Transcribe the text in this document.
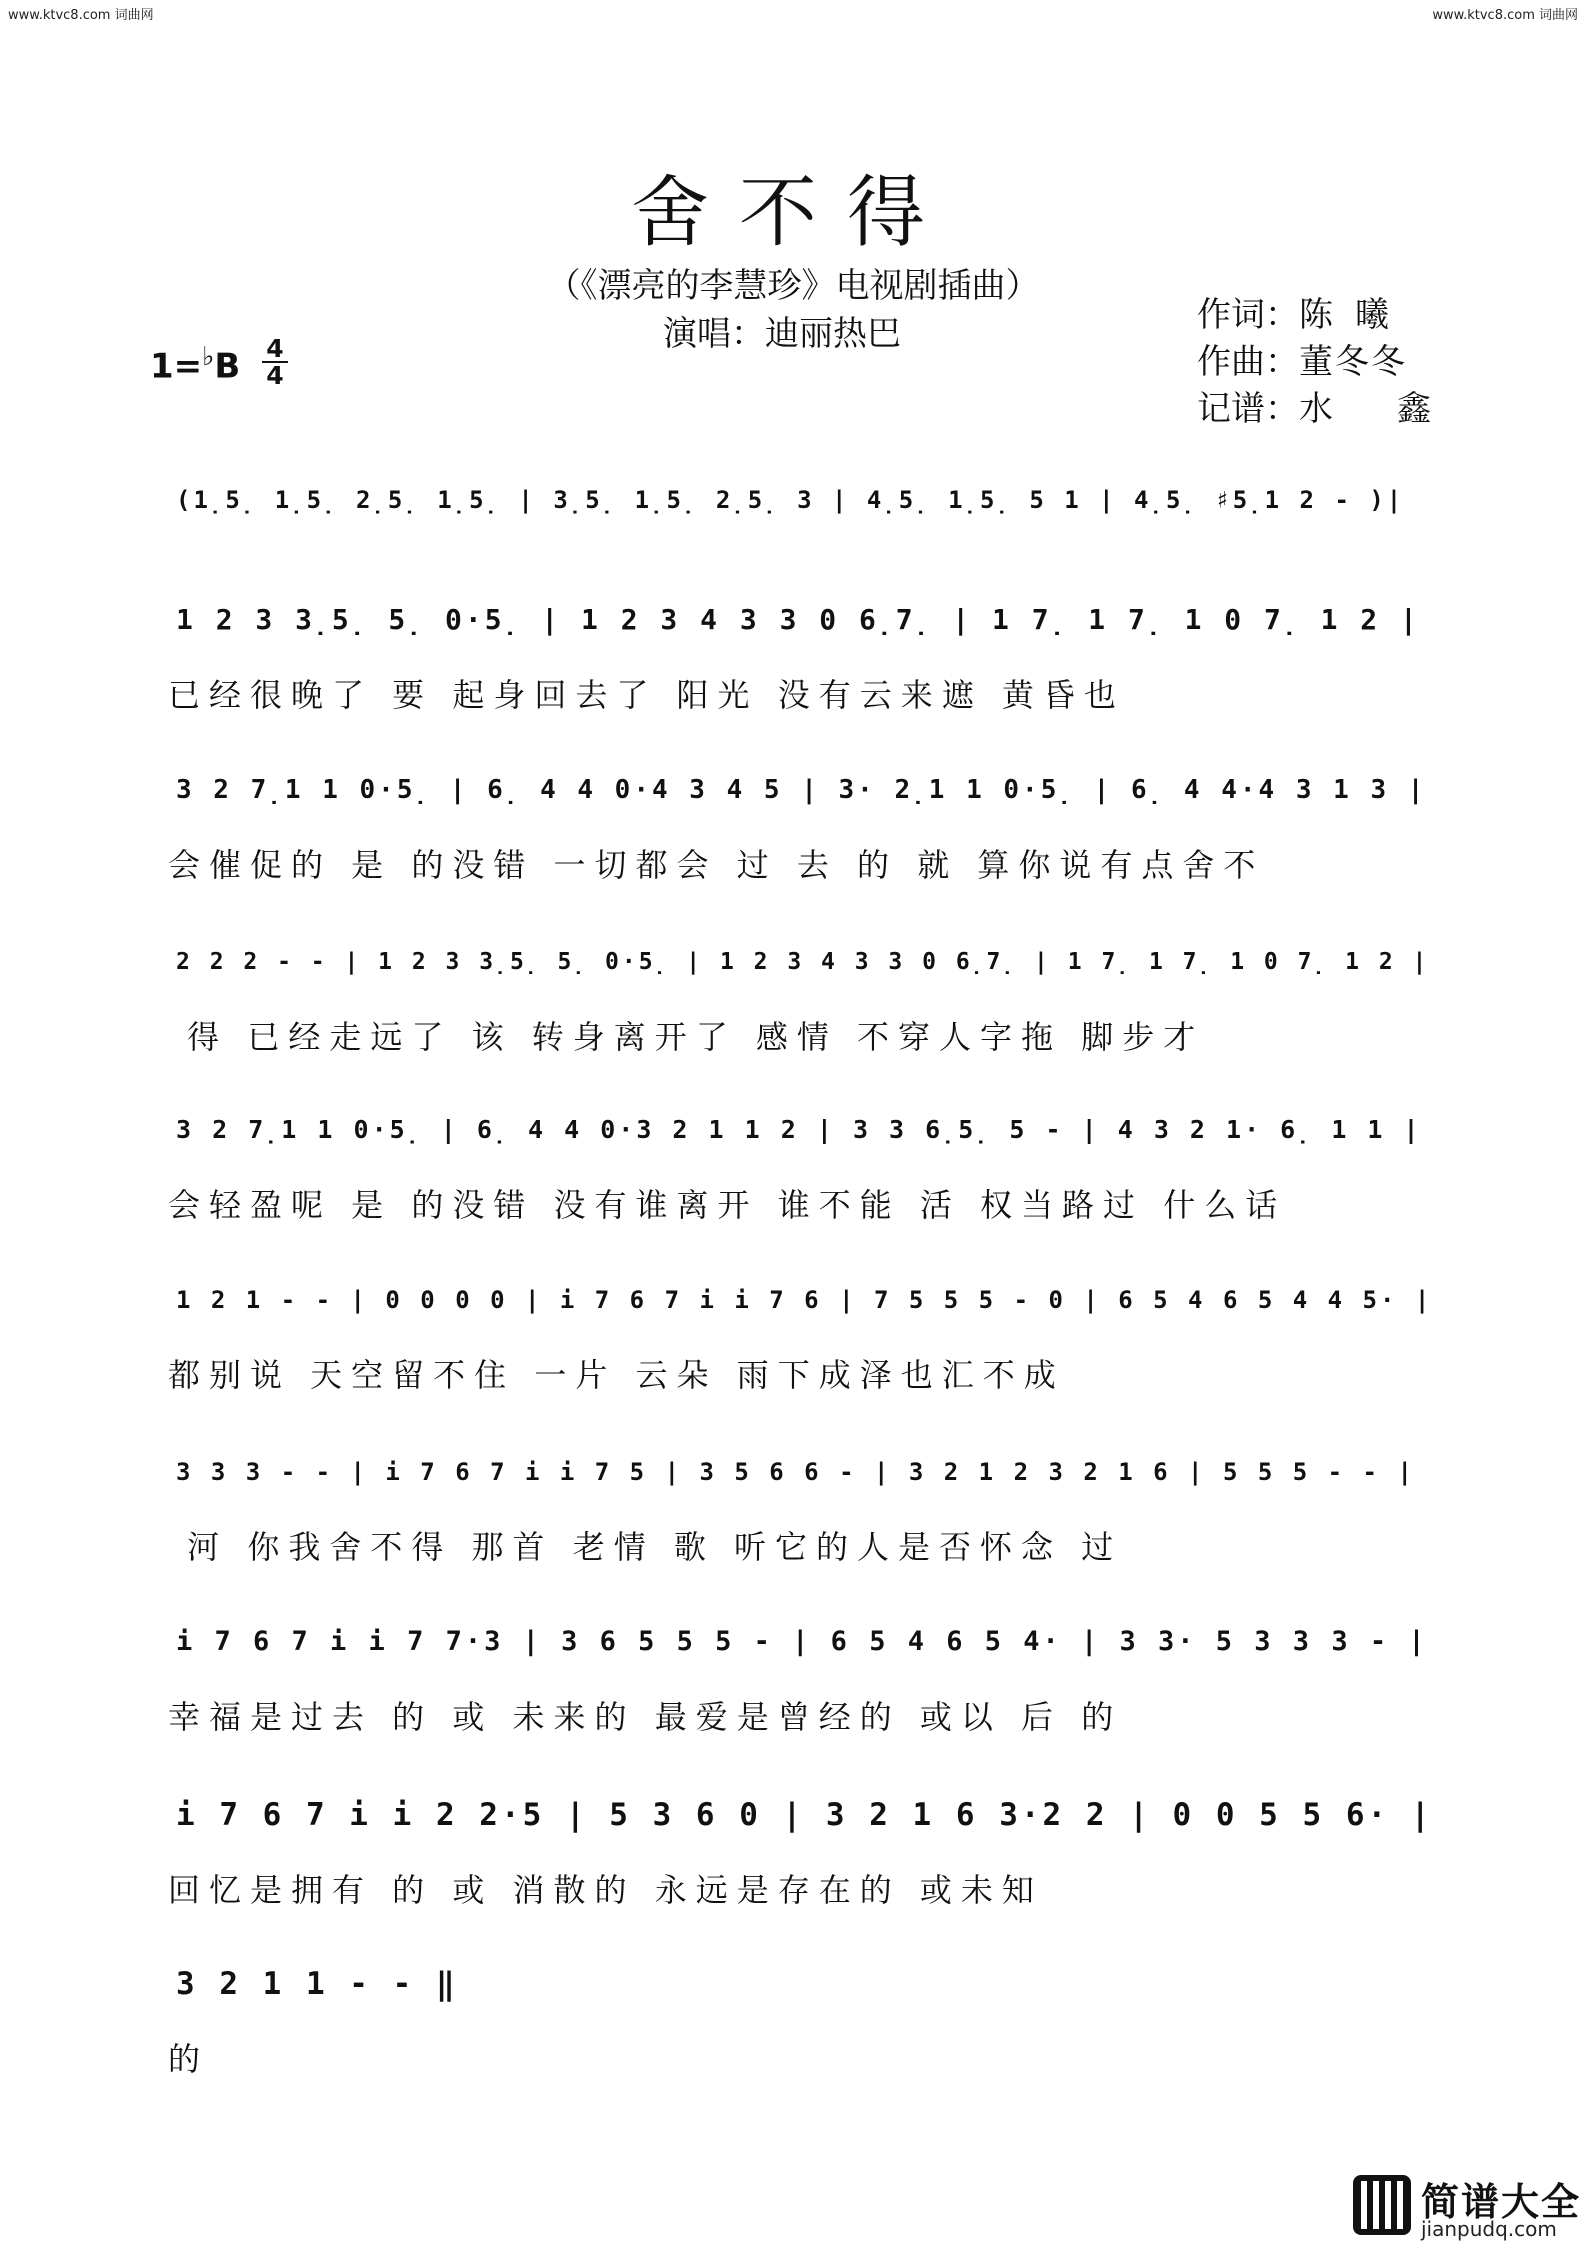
www.ktvc8.com 词曲网	www.ktvc8.com 词曲网
舍不得
（《漂亮的李慧珍》电视剧插曲）
演唱：迪丽热巴
$1=^♭B \frac{4}{4}$
作词： 陈曦
作曲： 董冬冬
记谱： 水鑫
(1̣5̣ 1̣5̣ 2̣5̣ 1̣5̣ | 3̣5̣ 1̣5̣ 2̣5̣ 3 | 4̣5̣ 1̣5̣ 5 1 | 4̣5̣ ♯5̣1 2 - )|
1 2 3 3̣5̣ 5̣ 0·5̣ | 1 2 3 4 3 3 0 6̣7̣ | 1 7̣ 1 7̣ 1 0 7̣ 1 2 |
已经很晚了 要 起身回去了 阳光 没有云来遮 黄昏也
3 2 7̣1 1 0·5̣ | 6̣ 4 4 0·4 3 4 5 | 3· 2̣1 1 0·5̣ | 6̣ 4 4·4 3 1 3 |
会催促的 是 的没错 一切都会 过 去 的 就 算你说有点舍不
2 2 2 - - | 1 2 3 3̣5̣ 5̣ 0·5̣ | 1 2 3 4 3 3 0 6̣7̣ | 1 7̣ 1 7̣ 1 0 7̣ 1 2 |
得 已经走远了 该 转身离开了 感情 不穿人字拖 脚步才
3 2 7̣1 1 0·5̣ | 6̣ 4 4 0·3 2 1 1 2 | 3 3 6̣5̣ 5 - | 4 3 2 1· 6̣ 1 1 |
会轻盈呢 是 的没错 没有谁离开 谁不能 活 权当路过 什么话
1 2 1 - - | 0 0 0 0 | i 7 6 7 i i 7 6 | 7 5 5 5 - 0 | 6 5 4 6 5 4 4 5· |
都别说 天空留不住 一片 云朵 雨下成泽也汇不成
3 3 3 - - | i 7 6 7 i i 7 5 | 3 5 6 6 - | 3 2 1 2 3 2 1 6 | 5 5 5 - - |
河 你我舍不得 那首 老情 歌 听它的人是否怀念 过
i 7 6 7 i i 7 7·3 | 3 6 5 5 5 - | 6 5 4 6 5 4· | 3 3· 5 3 3 3 - |
幸福是过去 的 或 未来的 最爱是曾经的 或以 后 的
i 7 6 7 i i 2 2·5 | 5 3 6 0 | 3 2 1 6 3·2 2 | 0 0 5 5 6· |
回忆是拥有 的 或 消散的 永远是存在的 或未知
3 2 1 1 - - ‖
的
简谱大全
jianpudq.com
